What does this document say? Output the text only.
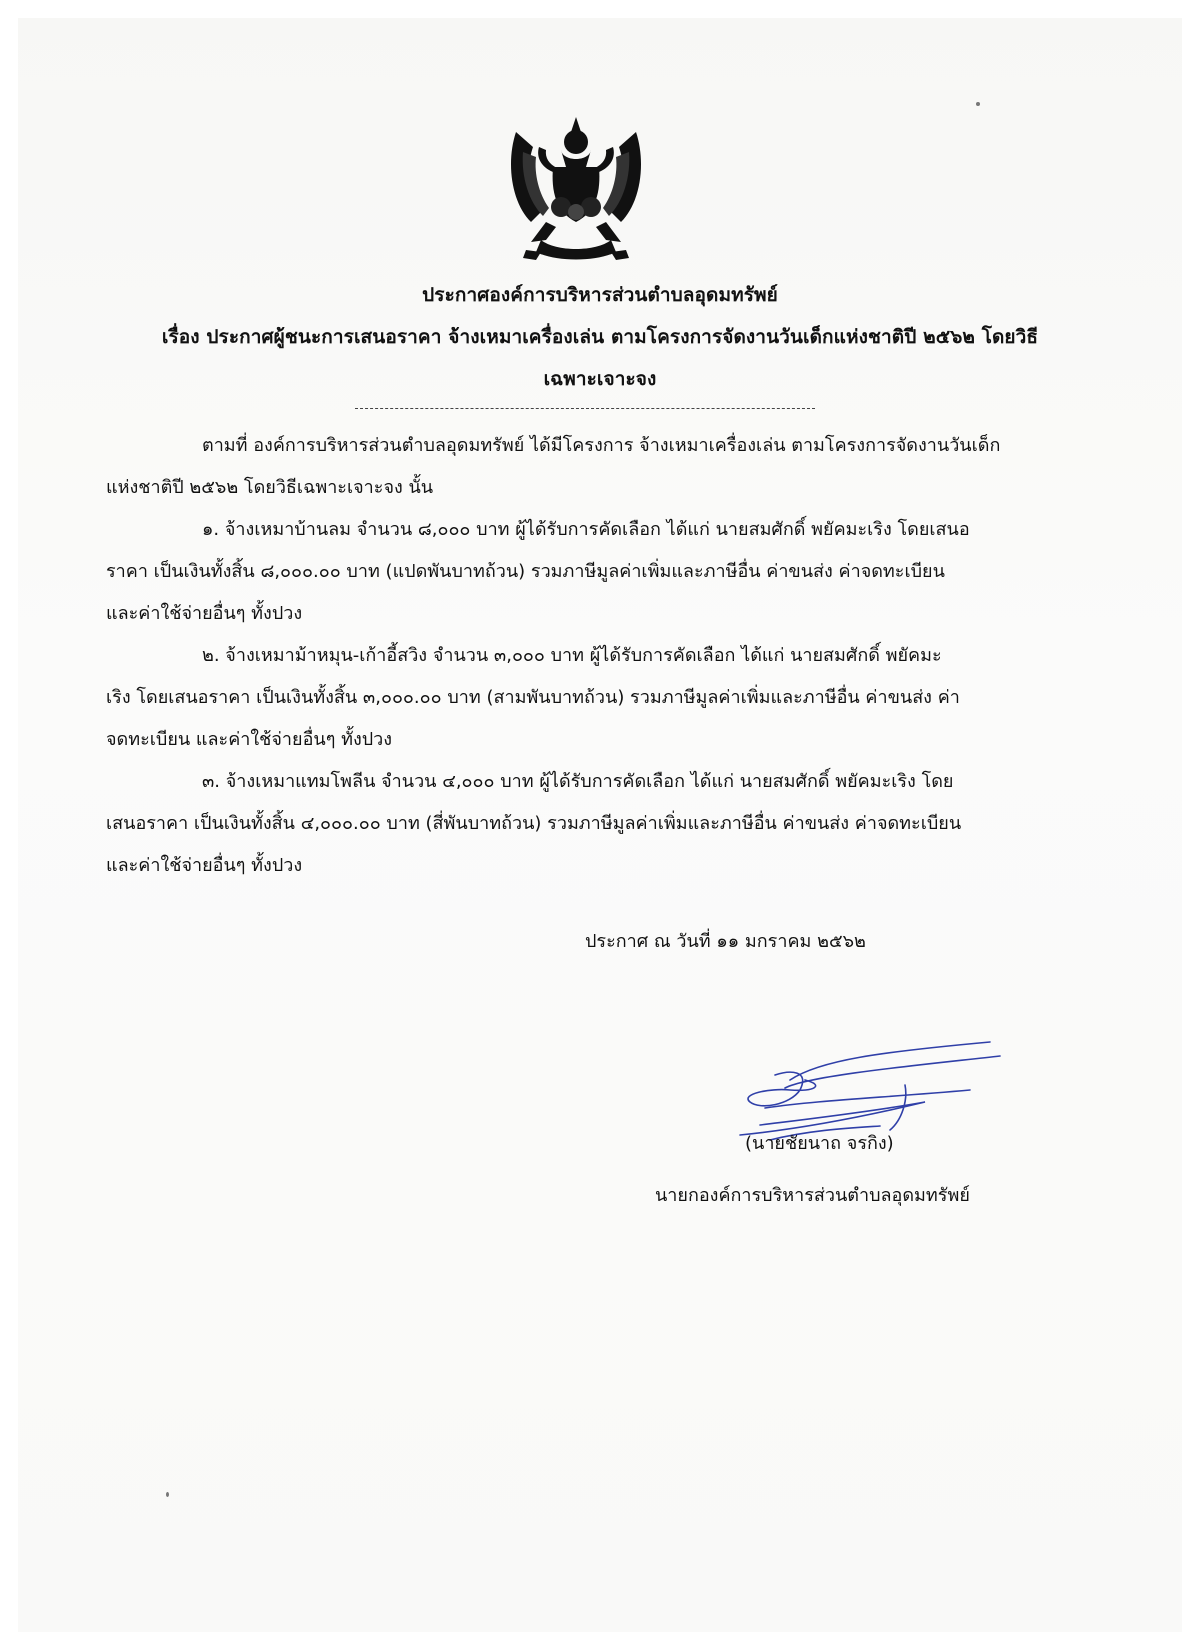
ประกาศองค์การบริหารส่วนตำบลอุดมทรัพย์
เรื่อง ประกาศผู้ชนะการเสนอราคา จ้างเหมาเครื่องเล่น ตามโครงการจัดงานวันเด็กแห่งชาติปี ๒๕๖๒ โดยวิธี
เฉพาะเจาะจง
ตามที่ องค์การบริหารส่วนตำบลอุดมทรัพย์ ได้มีโครงการ จ้างเหมาเครื่องเล่น ตามโครงการจัดงานวันเด็ก
แห่งชาติปี ๒๕๖๒ โดยวิธีเฉพาะเจาะจง นั้น
๑. จ้างเหมาบ้านลม จำนวน ๘,๐๐๐ บาท ผู้ได้รับการคัดเลือก ได้แก่ นายสมศักดิ์ พยัคมะเริง โดยเสนอ
ราคา เป็นเงินทั้งสิ้น ๘,๐๐๐.๐๐ บาท (แปดพันบาทถ้วน) รวมภาษีมูลค่าเพิ่มและภาษีอื่น ค่าขนส่ง ค่าจดทะเบียน
และค่าใช้จ่ายอื่นๆ ทั้งปวง
๒. จ้างเหมาม้าหมุน-เก้าอี้สวิง จำนวน ๓,๐๐๐ บาท ผู้ได้รับการคัดเลือก ได้แก่ นายสมศักดิ์ พยัคมะ
เริง โดยเสนอราคา เป็นเงินทั้งสิ้น ๓,๐๐๐.๐๐ บาท (สามพันบาทถ้วน) รวมภาษีมูลค่าเพิ่มและภาษีอื่น ค่าขนส่ง ค่า
จดทะเบียน และค่าใช้จ่ายอื่นๆ ทั้งปวง
๓. จ้างเหมาแทมโพลีน จำนวน ๔,๐๐๐ บาท ผู้ได้รับการคัดเลือก ได้แก่ นายสมศักดิ์ พยัคมะเริง โดย
เสนอราคา เป็นเงินทั้งสิ้น ๔,๐๐๐.๐๐ บาท (สี่พันบาทถ้วน) รวมภาษีมูลค่าเพิ่มและภาษีอื่น ค่าขนส่ง ค่าจดทะเบียน
และค่าใช้จ่ายอื่นๆ ทั้งปวง
ประกาศ ณ วันที่ ๑๑ มกราคม ๒๕๖๒
(นายชัยนาถ จรกิง)
นายกองค์การบริหารส่วนตำบลอุดมทรัพย์
